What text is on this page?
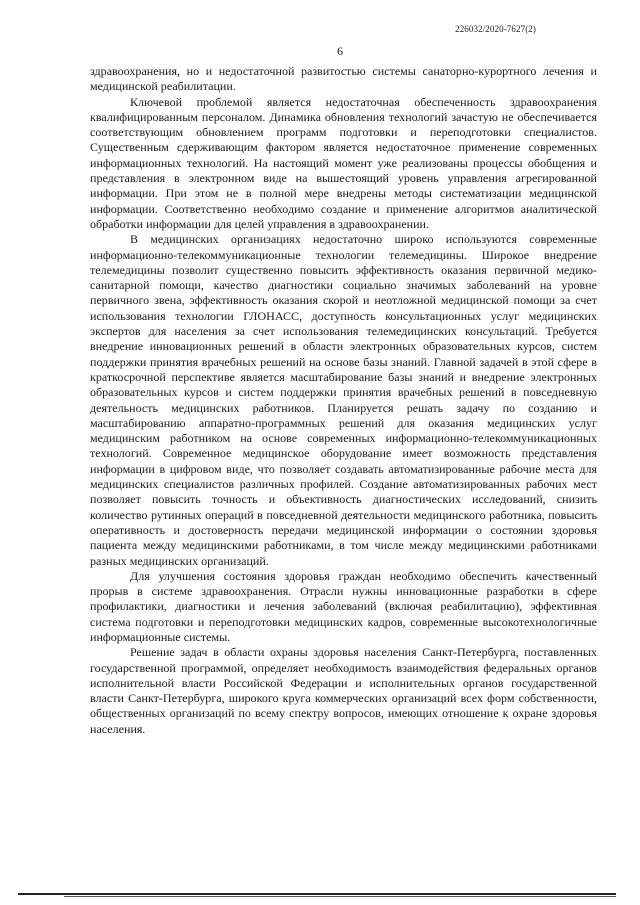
226032/2020-7627(2)
6

здравоохранения, но и недостаточной развитостью системы санаторно-курортного лечения и медицинской реабилитации.

Ключевой проблемой является недостаточная обеспеченность здравоохранения квалифицированным персоналом. Динамика обновления технологий зачастую не обеспечивается соответствующим обновлением программ подготовки и переподготовки специалистов. Существенным сдерживающим фактором является недостаточное применение современных информационных технологий. На настоящий момент уже реализованы процессы обобщения и представления в электронном виде на вышестоящий уровень управления агрегированной информации. При этом не в полной мере внедрены методы систематизации медицинской информации. Соответственно необходимо создание и применение алгоритмов аналитической обработки информации для целей управления в здравоохранении.

В медицинских организациях недостаточно широко используются современные информационно-телекоммуникационные технологии телемедицины. Широкое внедрение телемедицины позволит существенно повысить эффективность оказания первичной медико-санитарной помощи, качество диагностики социально значимых заболеваний на уровне первичного звена, эффективность оказания скорой и неотложной медицинской помощи за счет использования технологии ГЛОНАСС, доступность консультационных услуг медицинских экспертов для населения за счет использования телемедицинских консультаций. Требуется внедрение инновационных решений в области электронных образовательных курсов, систем поддержки принятия врачебных решений на основе базы знаний. Главной задачей в этой сфере в краткосрочной перспективе является масштабирование базы знаний и внедрение электронных образовательных курсов и систем поддержки принятия врачебных решений в повседневную деятельность медицинских работников. Планируется решать задачу по созданию и масштабированию аппаратно-программных решений для оказания медицинских услуг медицинским работником на основе современных информационно-телекоммуникационных технологий. Современное медицинское оборудование имеет возможность представления информации в цифровом виде, что позволяет создавать автоматизированные рабочие места для медицинских специалистов различных профилей. Создание автоматизированных рабочих мест позволяет повысить точность и объективность диагностических исследований, снизить количество рутинных операций в повседневной деятельности медицинского работника, повысить оперативность и достоверность передачи медицинской информации о состоянии здоровья пациента между медицинскими работниками, в том числе между медицинскими работниками разных медицинских организаций.

Для улучшения состояния здоровья граждан необходимо обеспечить качественный прорыв в системе здравоохранения. Отрасли нужны инновационные разработки в сфере профилактики, диагностики и лечения заболеваний (включая реабилитацию), эффективная система подготовки и переподготовки медицинских кадров, современные высокотехнологичные информационные системы.

Решение задач в области охраны здоровья населения Санкт-Петербурга, поставленных государственной программой, определяет необходимость взаимодействия федеральных органов исполнительной власти Российской Федерации и исполнительных органов государственной власти Санкт-Петербурга, широкого круга коммерческих организаций всех форм собственности, общественных организаций по всему спектру вопросов, имеющих отношение к охране здоровья населения.
